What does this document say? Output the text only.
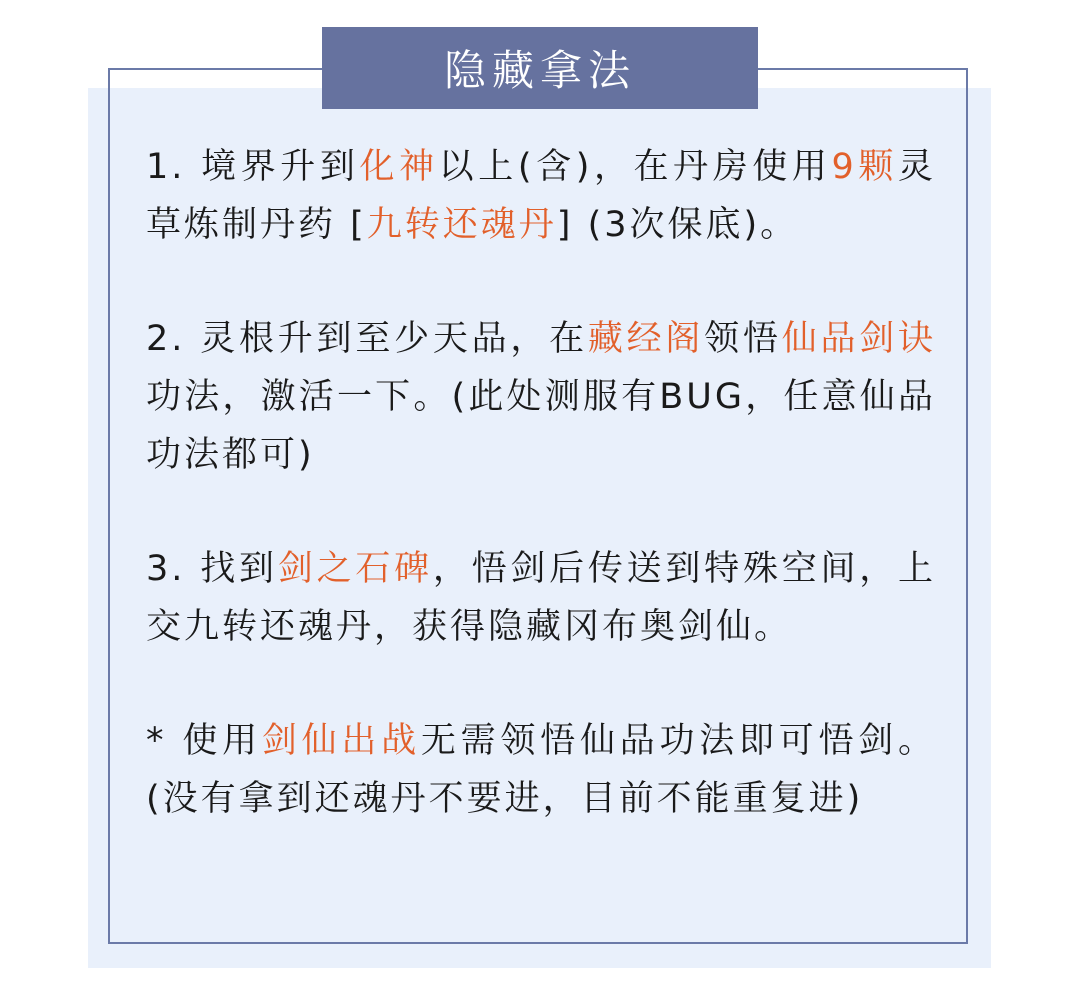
隐藏拿法

1. 境界升到化神以上(含)，在丹房使用9颗灵草炼制丹药 [九转还魂丹] (3次保底)。

2. 灵根升到至少天品，在藏经阁领悟仙品剑诀功法，激活一下。(此处测服有BUG，任意仙品功法都可)

3. 找到剑之石碑，悟剑后传送到特殊空间，上交九转还魂丹，获得隐藏冈布奥剑仙。

* 使用剑仙出战无需领悟仙品功法即可悟剑。(没有拿到还魂丹不要进，目前不能重复进)
